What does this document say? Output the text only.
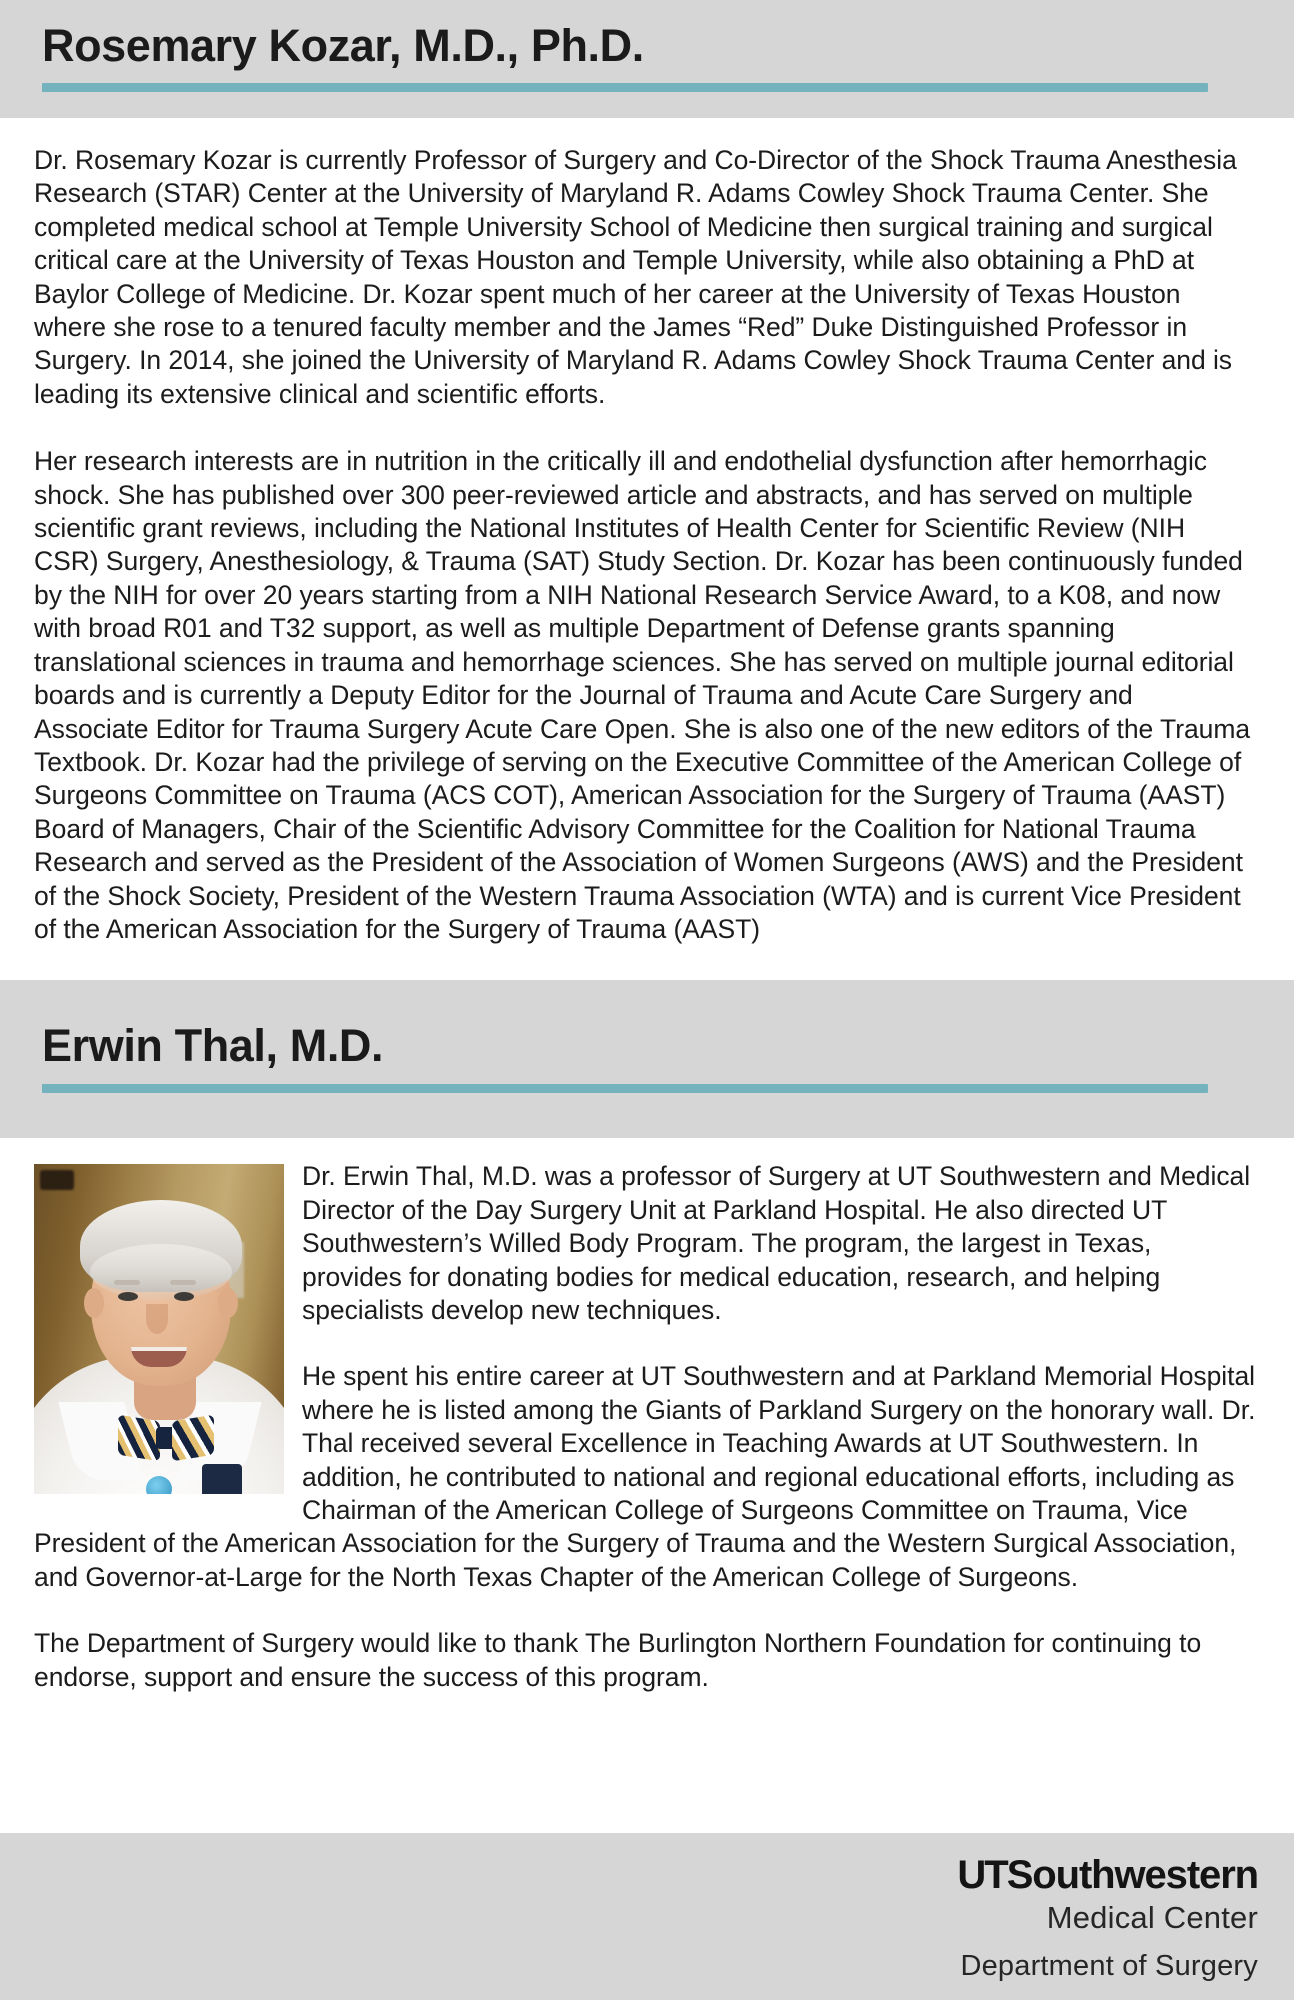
Rosemary Kozar, M.D., Ph.D.

Dr. Rosemary Kozar is currently Professor of Surgery and Co-Director of the Shock Trauma Anesthesia Research (STAR) Center at the University of Maryland R. Adams Cowley Shock Trauma Center. She completed medical school at Temple University School of Medicine then surgical training and surgical critical care at the University of Texas Houston and Temple University, while also obtaining a PhD at Baylor College of Medicine. Dr. Kozar spent much of her career at the University of Texas Houston where she rose to a tenured faculty member and the James “Red” Duke Distinguished Professor in Surgery. In 2014, she joined the University of Maryland R. Adams Cowley Shock Trauma Center and is leading its extensive clinical and scientific efforts.

Her research interests are in nutrition in the critically ill and endothelial dysfunction after hemorrhagic shock. She has published over 300 peer-reviewed article and abstracts, and has served on multiple scientific grant reviews, including the National Institutes of Health Center for Scientific Review (NIH CSR) Surgery, Anesthesiology, & Trauma (SAT) Study Section. Dr. Kozar has been continuously funded by the NIH for over 20 years starting from a NIH National Research Service Award, to a K08, and now with broad R01 and T32 support, as well as multiple Department of Defense grants spanning translational sciences in trauma and hemorrhage sciences. She has served on multiple journal editorial boards and is currently a Deputy Editor for the Journal of Trauma and Acute Care Surgery and Associate Editor for Trauma Surgery Acute Care Open. She is also one of the new editors of the Trauma Textbook. Dr. Kozar had the privilege of serving on the Executive Committee of the American College of Surgeons Committee on Trauma (ACS COT), American Association for the Surgery of Trauma (AAST) Board of Managers, Chair of the Scientific Advisory Committee for the Coalition for National Trauma Research and served as the President of the Association of Women Surgeons (AWS) and the President of the Shock Society, President of the Western Trauma Association (WTA) and is current Vice President of the American Association for the Surgery of Trauma (AAST)

Erwin Thal, M.D.

Dr. Erwin Thal, M.D. was a professor of Surgery at UT Southwestern and Medical Director of the Day Surgery Unit at Parkland Hospital. He also directed UT Southwestern’s Willed Body Program. The program, the largest in Texas, provides for donating bodies for medical education, research, and helping specialists develop new techniques.

He spent his entire career at UT Southwestern and at Parkland Memorial Hospital where he is listed among the Giants of Parkland Surgery on the honorary wall. Dr. Thal received several Excellence in Teaching Awards at UT Southwestern. In addition, he contributed to national and regional educational efforts, including as Chairman of the American College of Surgeons Committee on Trauma, Vice President of the American Association for the Surgery of Trauma and the Western Surgical Association, and Governor-at-Large for the North Texas Chapter of the American College of Surgeons.

The Department of Surgery would like to thank The Burlington Northern Foundation for continuing to endorse, support and ensure the success of this program.

UTSouthwestern
Medical Center
Department of Surgery
